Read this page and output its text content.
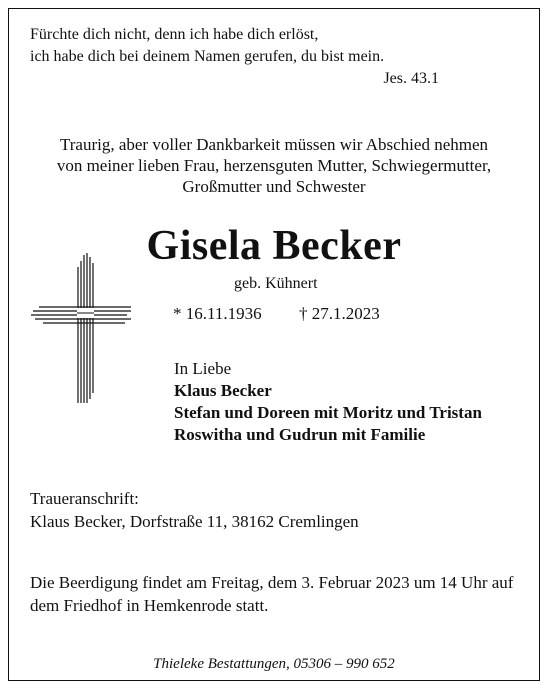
Fürchte dich nicht, denn ich habe dich erlöst,
ich habe dich bei deinem Namen gerufen, du bist mein.
Jes. 43.1
Traurig, aber voller Dankbarkeit müssen wir Abschied nehmen
von meiner lieben Frau, herzensguten Mutter, Schwiegermutter,
Großmutter und Schwester
Gisela Becker
geb. Kühnert
* 16.11.1936 † 27.1.2023
In Liebe
Klaus Becker
Stefan und Doreen mit Moritz und Tristan
Roswitha und Gudrun mit Familie
Traueranschrift:
Klaus Becker, Dorfstraße 11, 38162 Cremlingen
Die Beerdigung findet am Freitag, dem 3. Februar 2023 um 14 Uhr auf
dem Friedhof in Hemkenrode statt.
Thieleke Bestattungen, 05306 – 990 652
